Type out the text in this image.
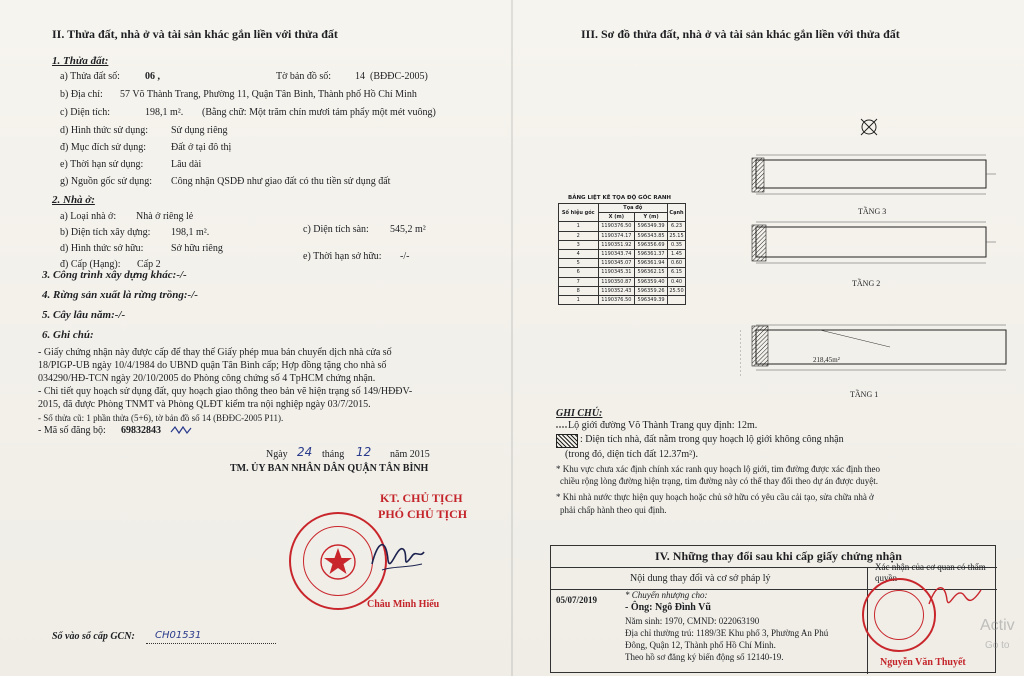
II. Thửa đất, nhà ở và tài sản khác gắn liền với thửa đất
1. Thửa đất:
a) Thửa đất số:	06 ,	Tờ bản đồ số: 14 (BĐĐC-2005)
b) Địa chỉ: 57 Võ Thành Trang, Phường 11, Quận Tân Bình, Thành phố Hồ Chí Minh
c) Diện tích:	198,1 m². (Bằng chữ: Một trăm chín mươi tám phẩy một mét vuông)
d) Hình thức sử dụng: Sử dụng riêng
đ) Mục đích sử dụng:	Đất ở tại đô thị
e) Thời hạn sử dụng:	Lâu dài
g) Nguồn gốc sử dụng: Công nhận QSDĐ như giao đất có thu tiền sử dụng đất
2. Nhà ở:
a) Loại nhà ở: Nhà ở riêng lẻ
b) Diện tích xây dựng: 198,1 m².	c) Diện tích sàn: 545,2 m²
d) Hình thức sở hữu:	Sở hữu riêng
đ) Cấp (Hạng): Cấp 2
e) Thời hạn sở hữu: -/-
3. Công trình xây dựng khác:-/-
4. Rừng sản xuất là rừng trồng:-/-
5. Cây lâu năm:-/-
6. Ghi chú:
- Giấy chứng nhận này được cấp để thay thế Giấy phép mua bán chuyển dịch nhà cửa số
18/PIGP-UB ngày 10/4/1984 do UBND quận Tân Bình cấp; Hợp đồng tặng cho nhà số
034290/HĐ-TCN ngày 20/10/2005 do Phòng công chứng số 4 TpHCM chứng nhận.
- Chi tiết quy hoạch sử dụng đất, quy hoạch giao thông theo bản vẽ hiện trạng số 149/HĐĐV-
2015, đã được Phòng TNMT và Phòng QLĐT kiểm tra nội nghiệp ngày 03/7/2015.
- Số thửa cũ: 1 phần thửa (5+6), tờ bản đồ số 14 (BĐĐC-2005 P11).
- Mã số đăng bộ: 69832843
Ngày 24 tháng 12 năm 2015
TM. ỦY BAN NHÂN DÂN QUẬN TÂN BÌNH
KT. CHỦ TỊCH
PHÓ CHỦ TỊCH
Châu Minh Hiếu
Số vào sổ cấp GCN: CH01531
III. Sơ đồ thửa đất, nhà ở và tài sản khác gắn liền với thửa đất
TẦNG 3
TẦNG 2
218,45m²
TẦNG 1
BẢNG LIỆT KÊ TỌA ĐỘ GÓC RANH
Số hiệu góc	Tọa độ		Cạnh
	X (m)	Y (m)	
1	1190376.50	596349.39	6.23
2	1190374.17	596343.85	25.15
3	1190351.92	596356.69	0.35
4	1190343.74	596361.37	1.45
5	1190345.07	596361.94	0.60
6	1190345.31	596362.15	6.15
7	1190350.87	596359.40	0.40
8	1190352.43	596359.26	25.50
1	1190376.50	596349.39	
GHI CHÚ:
Lộ giới đường Võ Thành Trang quy định: 12m.
: Diện tích nhà, đất nằm trong quy hoạch lộ giới không công nhận
(trong đó, diện tích đất 12.37m²).
* Khu vực chưa xác định chính xác ranh quy hoạch lộ giới, tim đường được xác định theo
chiều rộng lòng đường hiện trạng, tim đường này có thể thay đổi theo dự án được duyệt.
* Khi nhà nước thực hiện quy hoạch hoặc chủ sở hữu có yêu cầu cải tạo, sửa chữa nhà ở
phải chấp hành theo qui định.
IV. Những thay đổi sau khi cấp giấy chứng nhận
Nội dung thay đổi và cơ sở pháp lý
Xác nhận của cơ quan có thẩm quyền
05/07/2019	* Chuyển nhượng cho:
- Ông: Ngô Đình Vũ
Năm sinh: 1970, CMND: 022063190
Địa chỉ thường trú: 1189/3E Khu phố 3, Phường An Phú
Đông, Quận 12, Thành phố Hồ Chí Minh.
Theo hồ sơ đăng ký biến động số 12140-19.	Nguyễn Văn Thuyết
Activ
Go to
